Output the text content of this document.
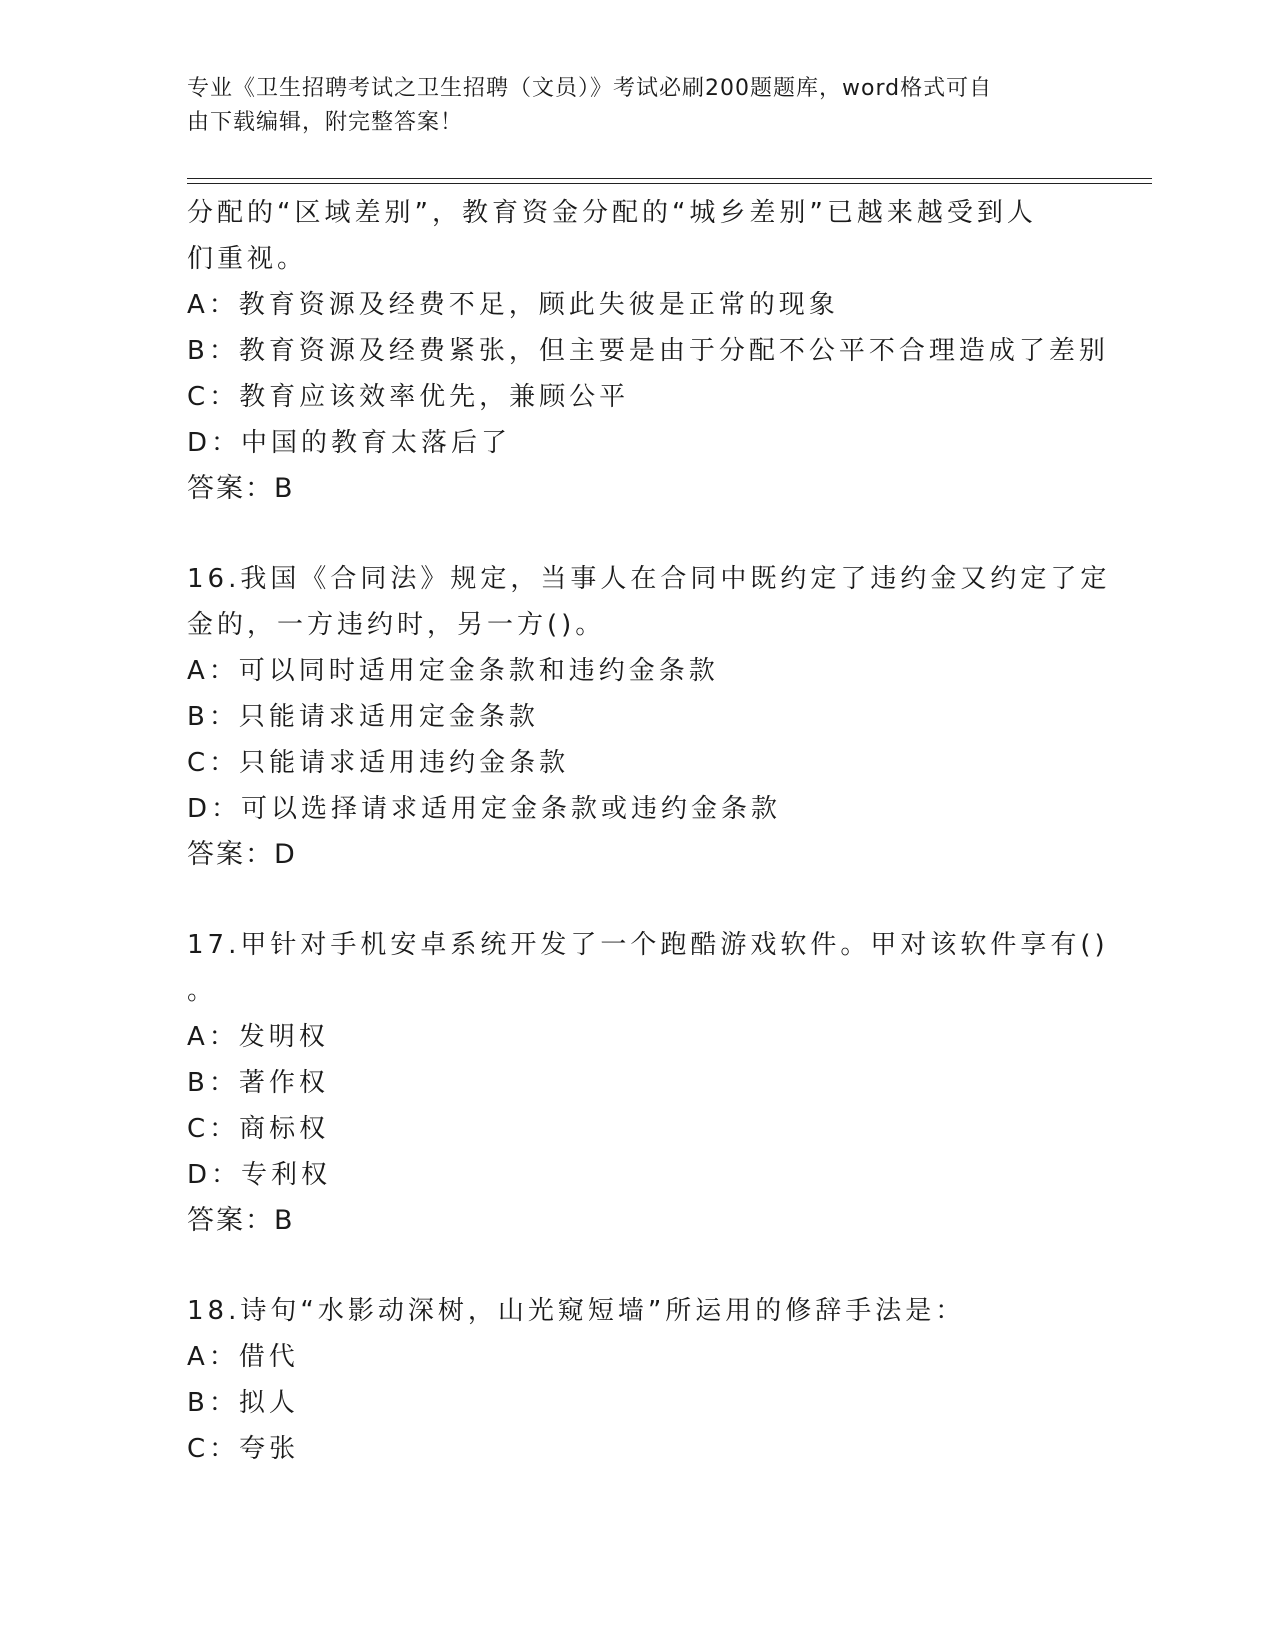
专业《卫生招聘考试之卫生招聘（文员）》考试必刷200题题库，word格式可自
由下载编辑，附完整答案！
分配的“区域差别”，教育资金分配的“城乡差别”已越来越受到人
们重视。
A：教育资源及经费不足，顾此失彼是正常的现象
B：教育资源及经费紧张，但主要是由于分配不公平不合理造成了差别
C：教育应该效率优先，兼顾公平
D：中国的教育太落后了
答案：B
16.我国《合同法》规定，当事人在合同中既约定了违约金又约定了定
金的，一方违约时，另一方()。
A：可以同时适用定金条款和违约金条款
B：只能请求适用定金条款
C：只能请求适用违约金条款
D：可以选择请求适用定金条款或违约金条款
答案：D
17.甲针对手机安卓系统开发了一个跑酷游戏软件。甲对该软件享有()
。
A：发明权
B：著作权
C：商标权
D：专利权
答案：B
18.诗句“水影动深树，山光窥短墙”所运用的修辞手法是：
A：借代
B：拟人
C：夸张
